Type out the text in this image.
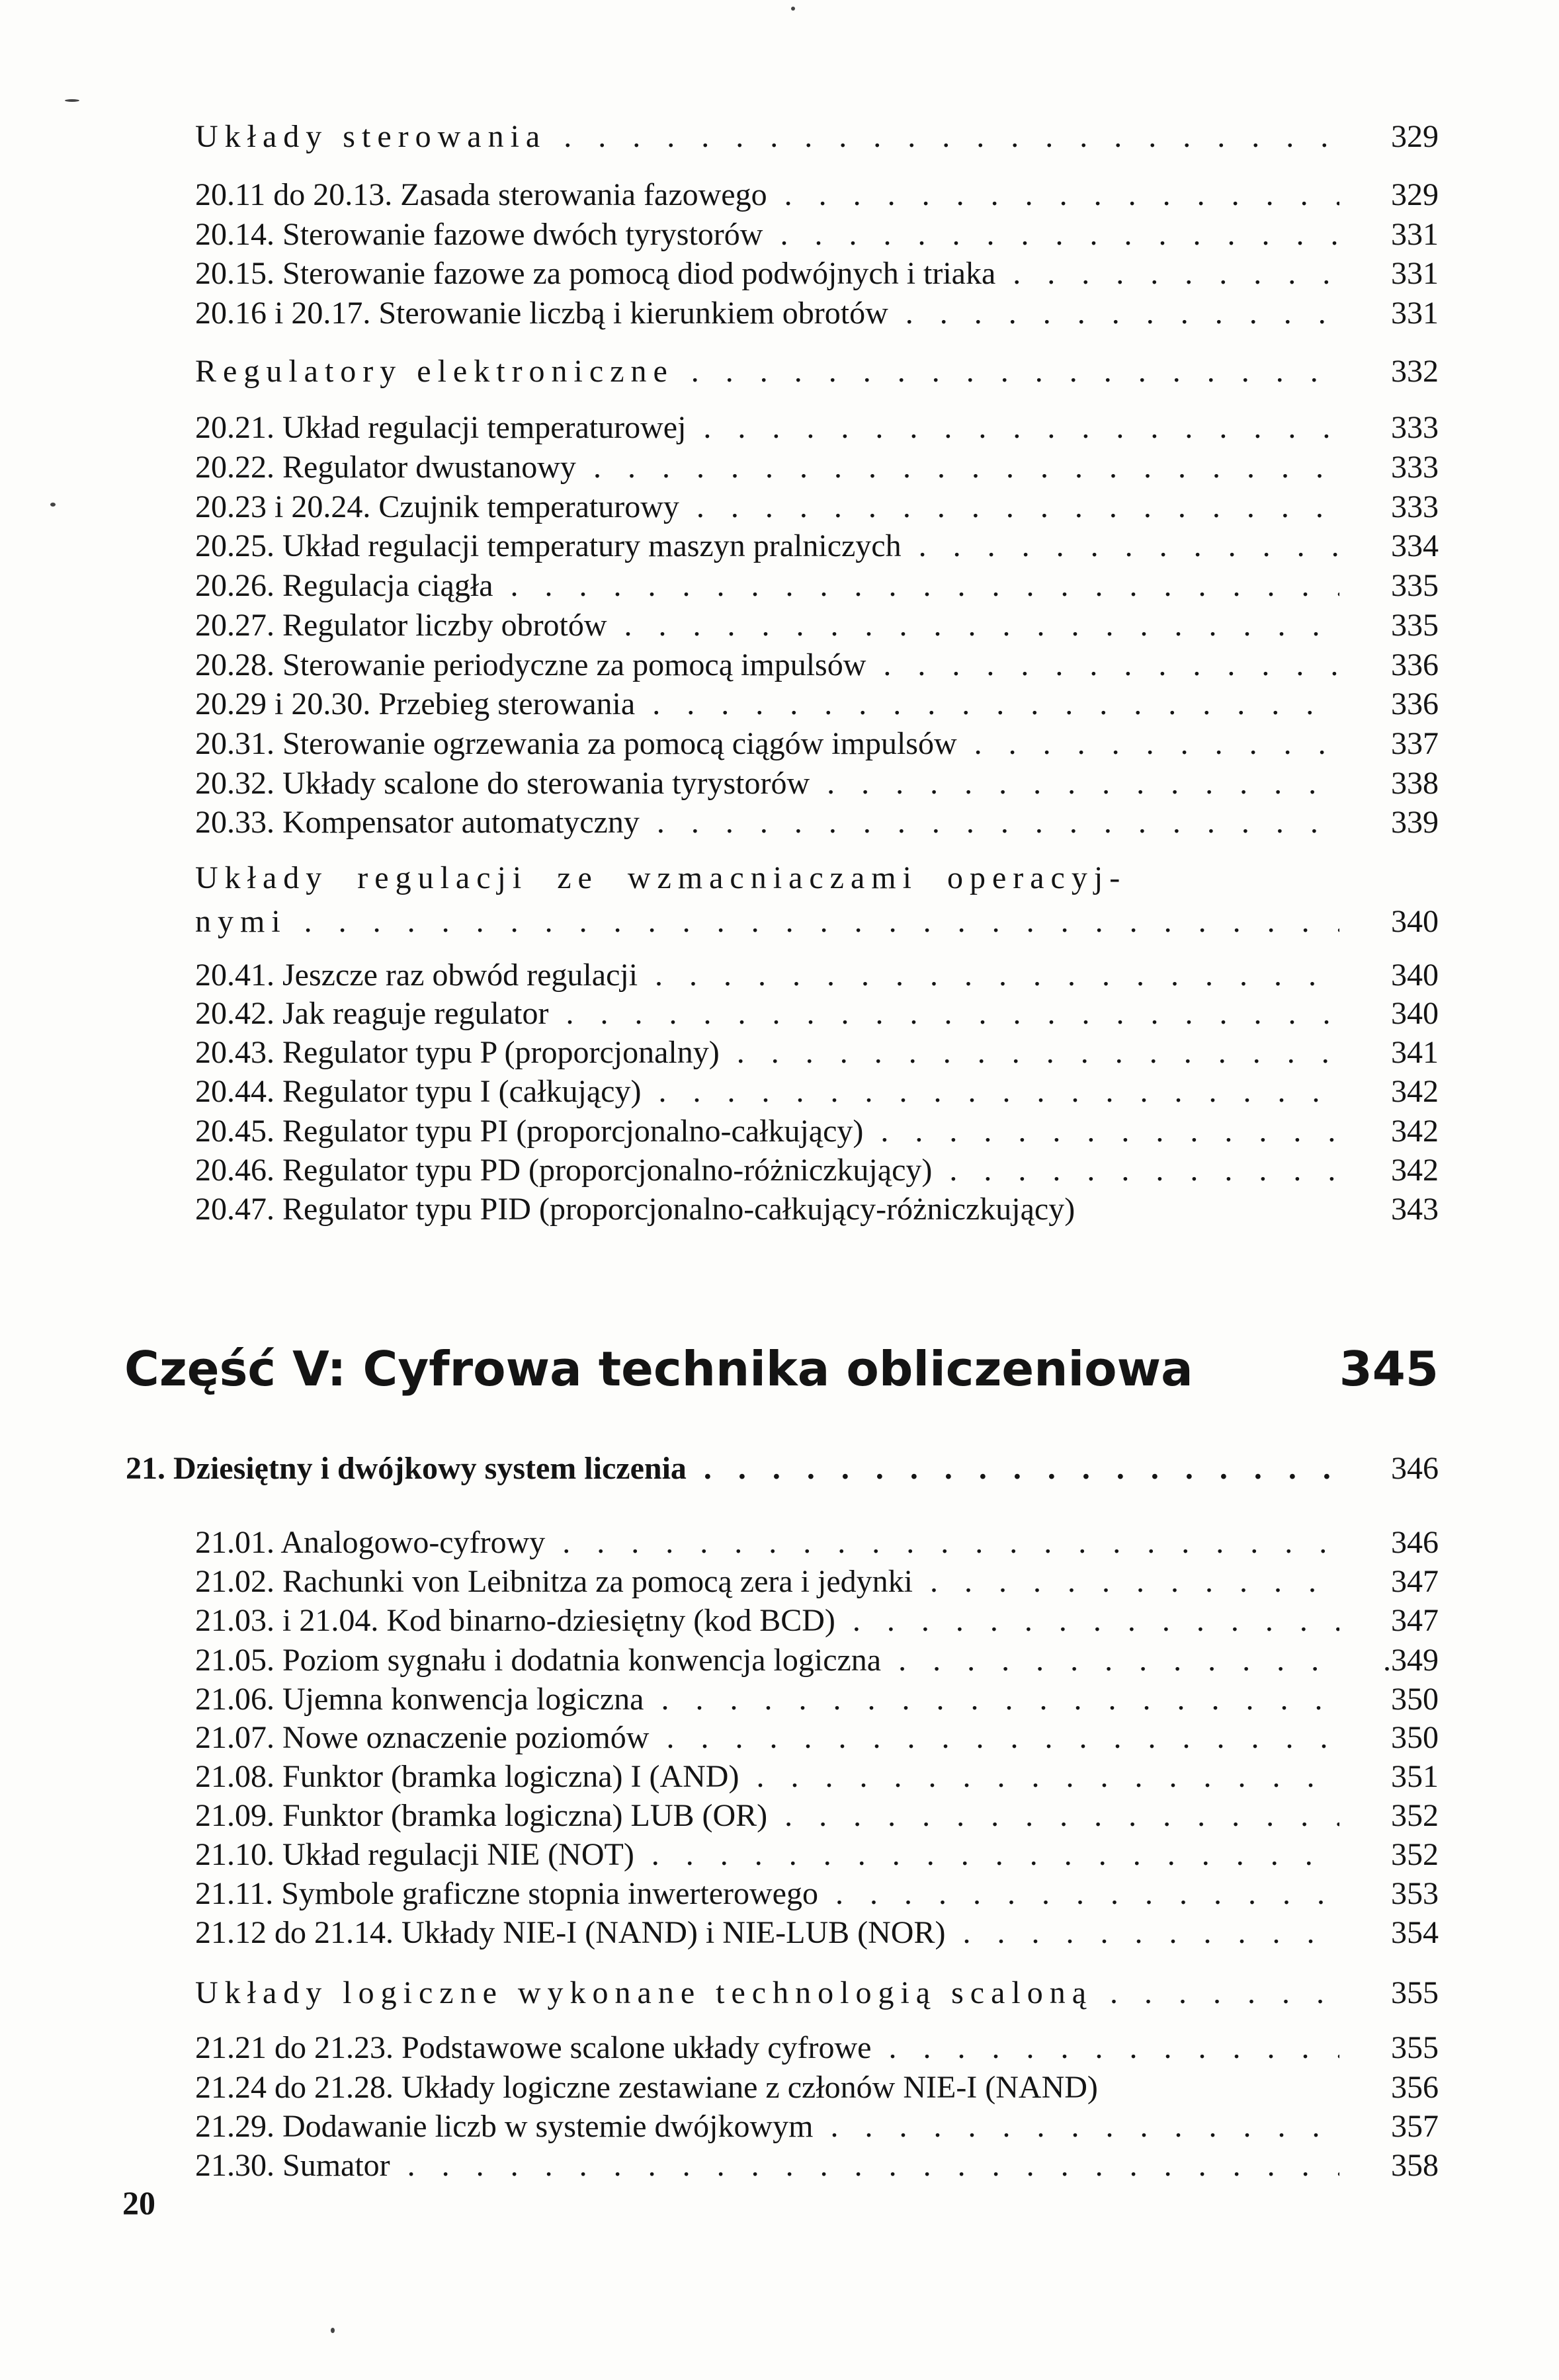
Układy sterowania . . .	329
20.11 do 20.13. Zasada sterowania fazowego . . .	329
20.14. Sterowanie fazowe dwóch tyrystorów . . .	331
20.15. Sterowanie fazowe za pomocą diod podwójnych i triaka . . .	331
20.16 i 20.17. Sterowanie liczbą i kierunkiem obrotów . . .	331
Regulatory elektroniczne . . .	332
20.21. Układ regulacji temperaturowej . . .	333
20.22. Regulator dwustanowy . . .	333
20.23 i 20.24. Czujnik temperaturowy . . .	333
20.25. Układ regulacji temperatury maszyn pralniczych . . .	334
20.26. Regulacja ciągła . . .	335
20.27. Regulator liczby obrotów . . .	335
20.28. Sterowanie periodyczne za pomocą impulsów . . .	336
20.29 i 20.30. Przebieg sterowania . . .	336
20.31. Sterowanie ogrzewania za pomocą ciągów impulsów . . .	337
20.32. Układy scalone do sterowania tyrystorów . . .	338
20.33. Kompensator automatyczny . . .	339
Układy regulacji ze wzmacniaczami operacyj-
nymi . . .	340
20.41. Jeszcze raz obwód regulacji . . .	340
20.42. Jak reaguje regulator . . .	340
20.43. Regulator typu P (proporcjonalny) . . .	341
20.44. Regulator typu I (całkujący) . . .	342
20.45. Regulator typu PI (proporcjonalno-całkujący) . . .	342
20.46. Regulator typu PD (proporcjonalno-różniczkujący) . . .	342
20.47. Regulator typu PID (proporcjonalno-całkujący-różniczkujący)	343
Część V: Cyfrowa technika obliczeniowa	345
21. Dziesiętny i dwójkowy system liczenia . . .	346
21.01. Analogowo-cyfrowy . . .	346
21.02. Rachunki von Leibnitza za pomocą zera i jedynki . . .	347
21.03. i 21.04. Kod binarno-dziesiętny (kod BCD) . . .	347
21.05. Poziom sygnału i dodatnia konwencja logiczna . . .	.349
21.06. Ujemna konwencja logiczna . . .	350
21.07. Nowe oznaczenie poziomów . . .	350
21.08. Funktor (bramka logiczna) I (AND) . . .	351
21.09. Funktor (bramka logiczna) LUB (OR) . . .	352
21.10. Układ regulacji NIE (NOT) . . .	352
21.11. Symbole graficzne stopnia inwerterowego . . .	353
21.12 do 21.14. Układy NIE-I (NAND) i NIE-LUB (NOR) . . .	354
Układy logiczne wykonane technologią scaloną . . .	355
21.21 do 21.23. Podstawowe scalone układy cyfrowe . . .	355
21.24 do 21.28. Układy logiczne zestawiane z członów NIE-I (NAND)	356
21.29. Dodawanie liczb w systemie dwójkowym . . .	357
21.30. Sumator . . .	358
20
